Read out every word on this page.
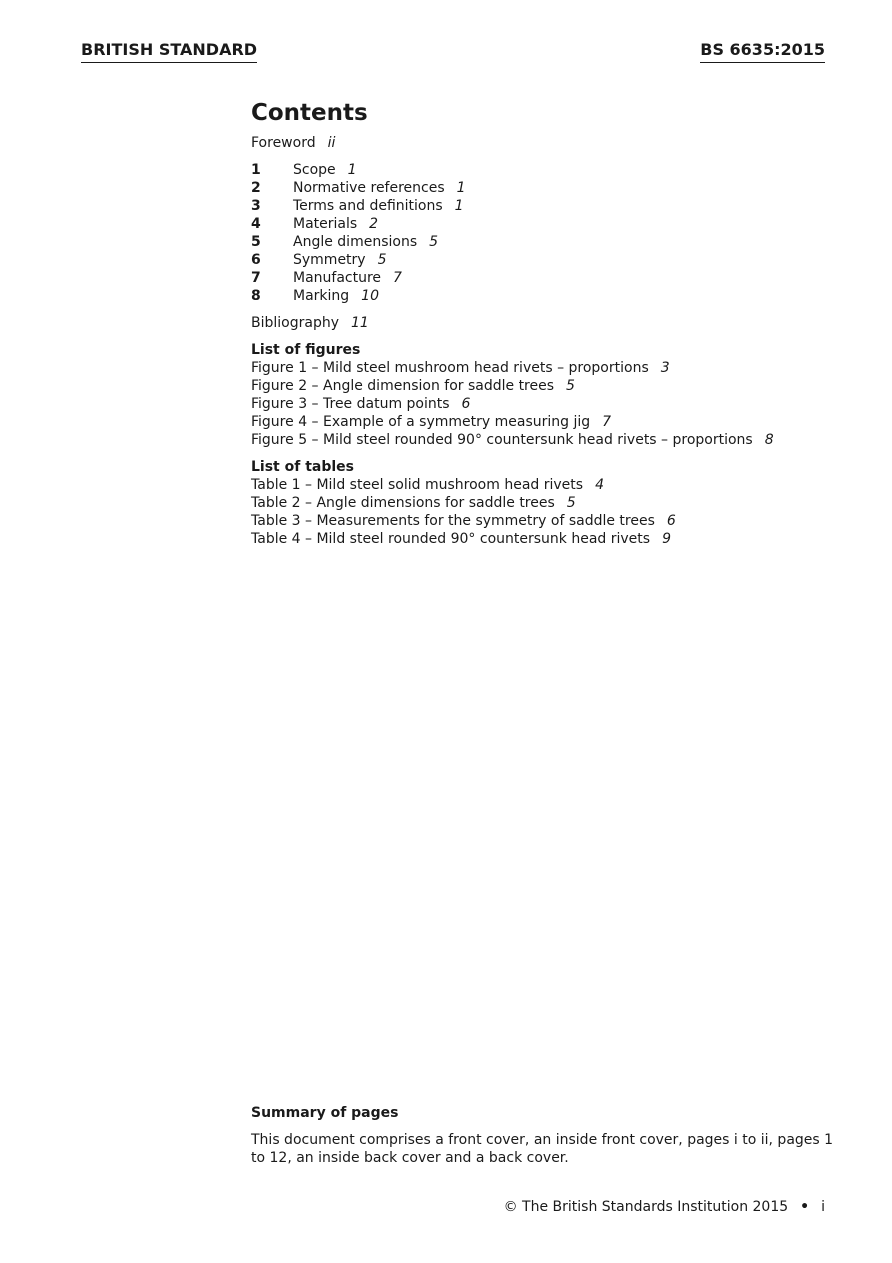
BRITISH STANDARD	BS 6635:2015
Contents
Foreword ii
1 Scope 1
2 Normative references 1
3 Terms and definitions 1
4 Materials 2
5 Angle dimensions 5
6 Symmetry 5
7 Manufacture 7
8 Marking 10
Bibliography 11
List of figures
Figure 1 – Mild steel mushroom head rivets – proportions 3
Figure 2 – Angle dimension for saddle trees 5
Figure 3 – Tree datum points 6
Figure 4 – Example of a symmetry measuring jig 7
Figure 5 – Mild steel rounded 90° countersunk head rivets – proportions 8
List of tables
Table 1 – Mild steel solid mushroom head rivets 4
Table 2 – Angle dimensions for saddle trees 5
Table 3 – Measurements for the symmetry of saddle trees 6
Table 4 – Mild steel rounded 90° countersunk head rivets 9
Summary of pages

This document comprises a front cover, an inside front cover, pages i to ii, pages 1 to 12, an inside back cover and a back cover.

© The British Standards Institution 2015 • i
